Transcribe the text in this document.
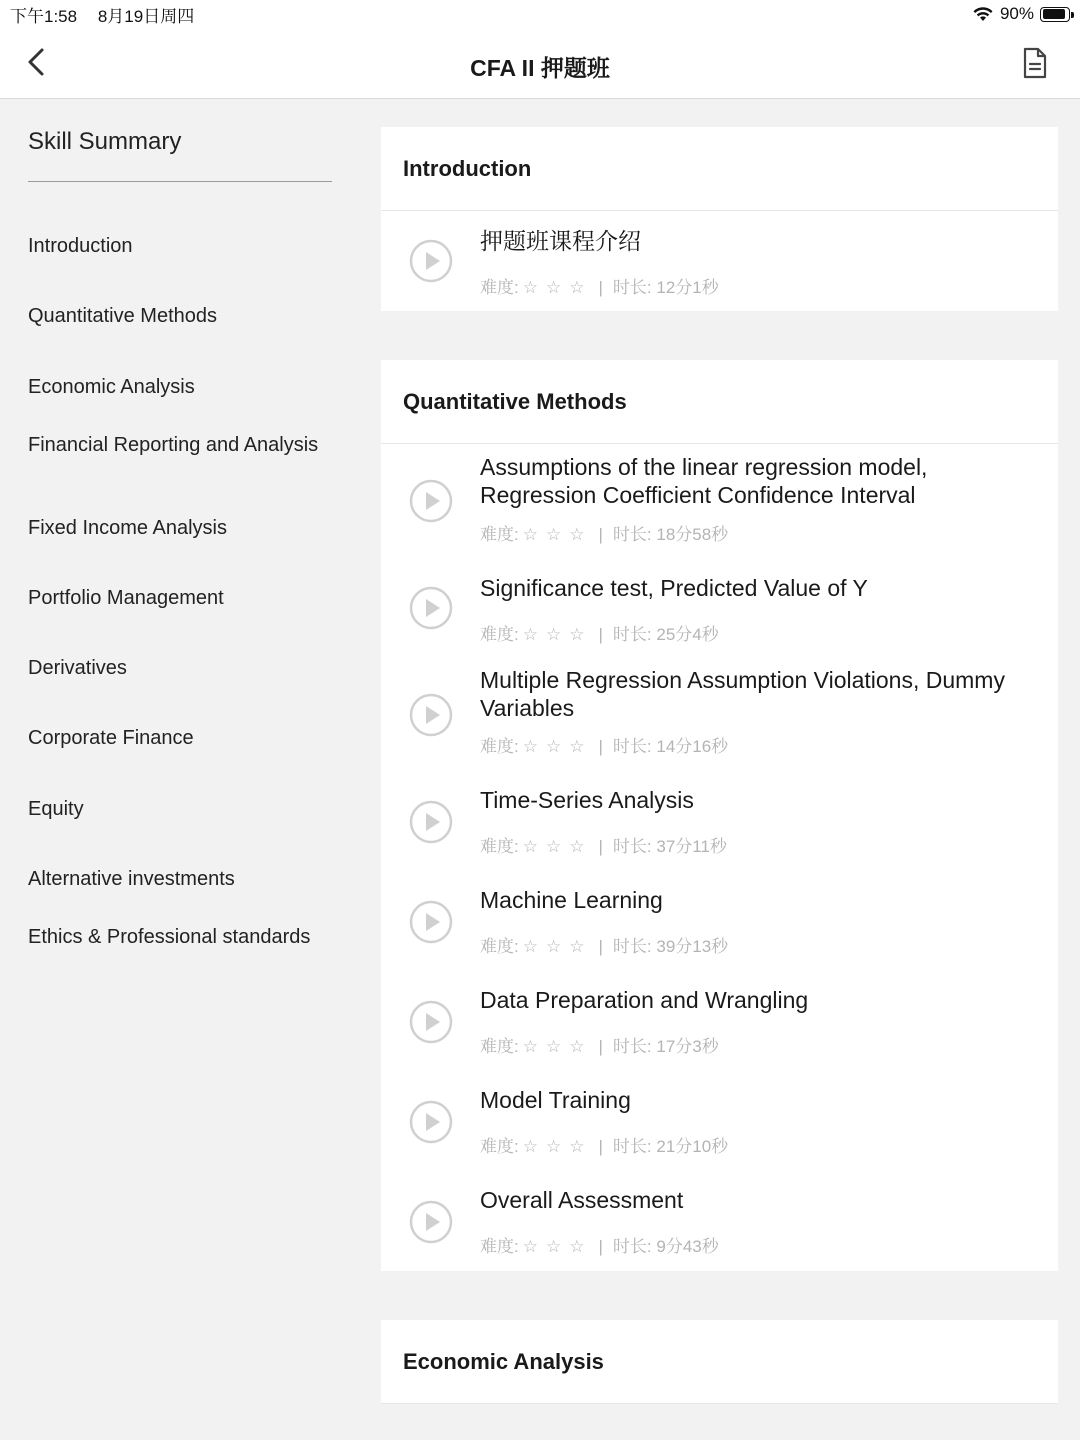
下午1:58 8月19日周四	90%
CFA II 押题班
Skill Summary
Introduction
Quantitative Methods
Economic Analysis
Financial Reporting and Analysis
Fixed Income Analysis
Portfolio Management
Derivatives
Corporate Finance
Equity
Alternative investments
Ethics & Professional standards
Introduction
押题班课程介绍
难度: ☆☆☆ | 时长: 12分1秒
Quantitative Methods
Assumptions of the linear regression model, Regression Coefficient Confidence Interval
难度: ☆☆☆ | 时长: 18分58秒
Significance test, Predicted Value of Y
难度: ☆☆☆ | 时长: 25分4秒
Multiple Regression Assumption Violations, Dummy Variables
难度: ☆☆☆ | 时长: 14分16秒
Time-Series Analysis
难度: ☆☆☆ | 时长: 37分11秒
Machine Learning
难度: ☆☆☆ | 时长: 39分13秒
Data Preparation and Wrangling
难度: ☆☆☆ | 时长: 17分3秒
Model Training
难度: ☆☆☆ | 时长: 21分10秒
Overall Assessment
难度: ☆☆☆ | 时长: 9分43秒
Economic Analysis
